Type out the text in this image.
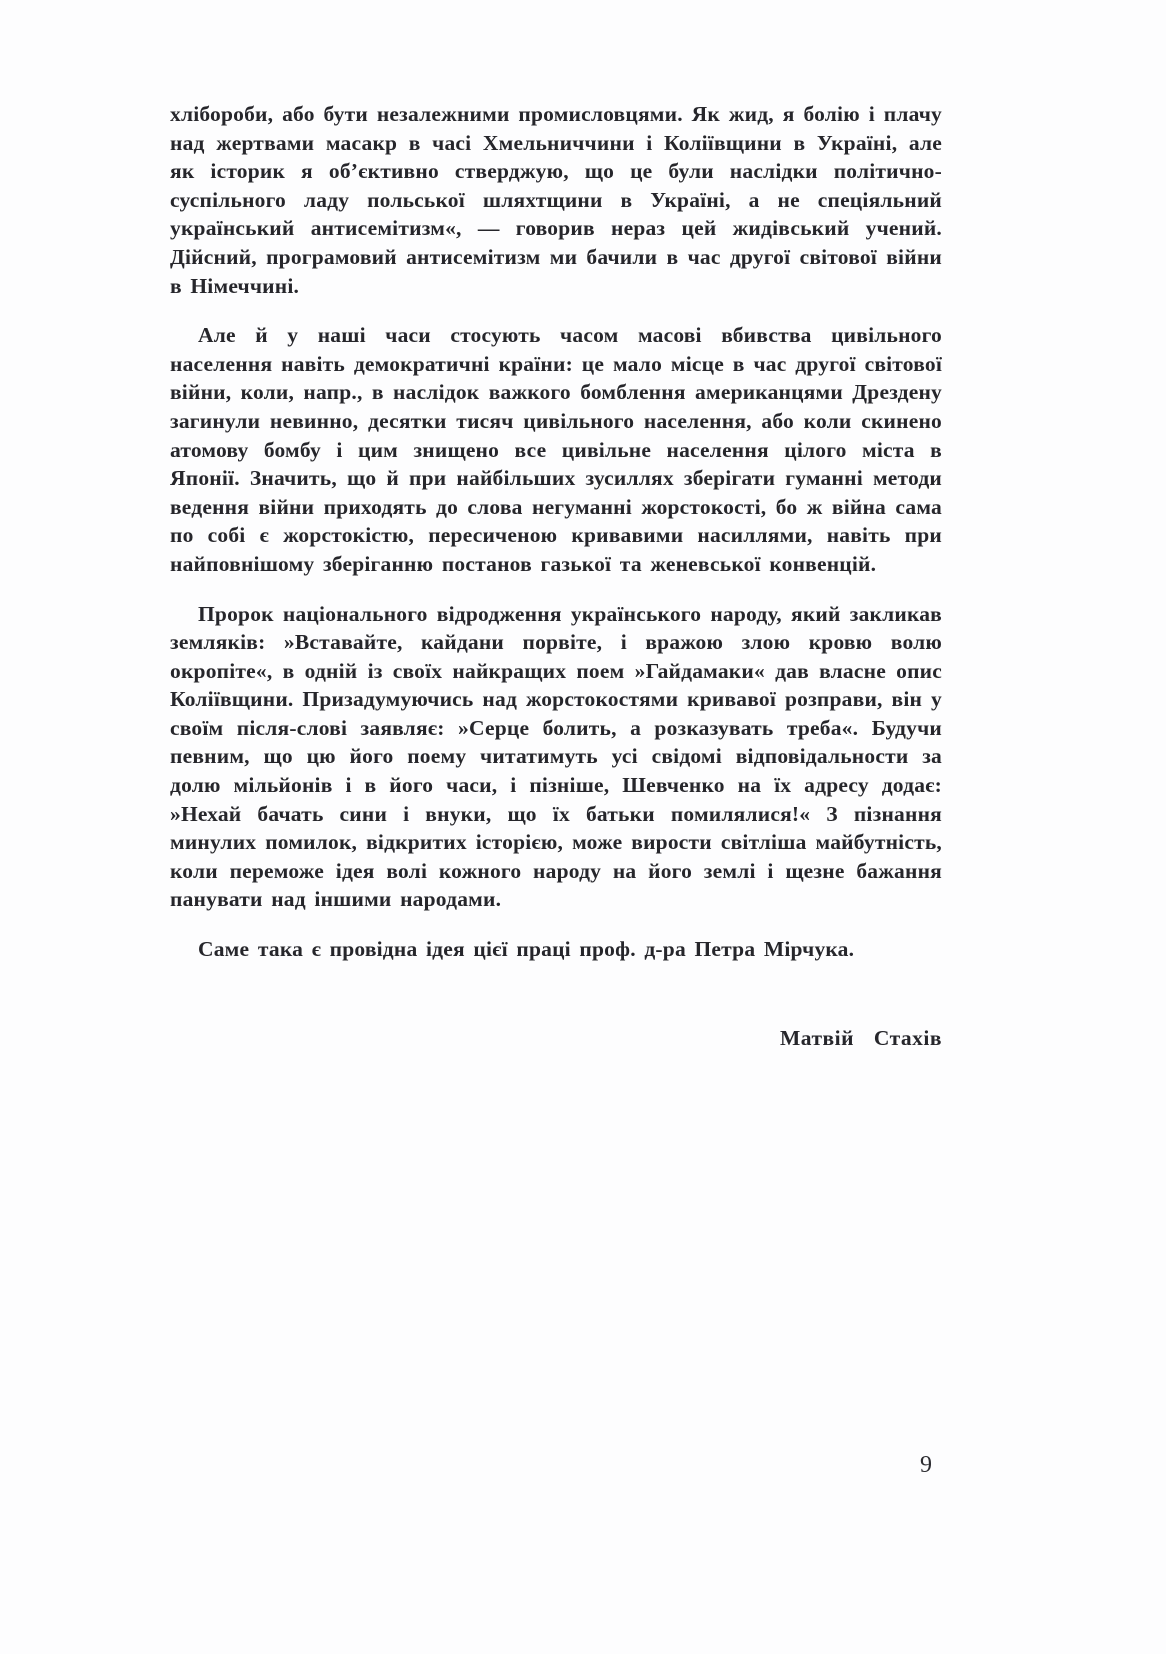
хлібороби, або бути незалежними промисловцями. Як жид, я болію і плачу над жертвами масакр в часі Хмельниччини і Коліївщини в Україні, але як історик я об’єктивно стверджую, що це були наслідки політично-суспільного ладу польської шляхтщини в Україні, а не спеціяльний український антисемітизм«, — говорив нераз цей жидівський учений. Дійсний, програмовий антисемітизм ми бачили в час другої світової війни в Німеччині.

Але й у наші часи стосують часом масові вбивства цивільного населення навіть демократичні країни: це мало місце в час другої світової війни, коли, напр., в наслідок важкого бомблення американцями Дрездену загинули невинно, десятки тисяч цивільного населення, або коли скинено атомову бомбу і цим знищено все цивільне населення цілого міста в Японії. Значить, що й при найбільших зусиллях зберігати гуманні методи ведення війни приходять до слова негуманні жорстокості, бо ж війна сама по собі є жорстокістю, пересиченою кривавими насиллями, навіть при найповнішому зберіганню постанов газької та женевської конвенцій.

Пророк національного відродження українського народу, який закликав земляків: »Вставайте, кайдани порвіте, і вражою злою кровю волю окропіте«, в одній із своїх найкращих поем »Гайдамаки« дав власне опис Коліївщини. Призадумуючись над жорстокостями кривавої розправи, він у своїм після-слові заявляє: »Серце болить, а розказувать треба«. Будучи певним, що цю його поему читатимуть усі свідомі відповідальности за долю мільйонів і в його часи, і пізніше, Шевченко на їх адресу додає: »Нехай бачать сини і внуки, що їх батьки помилялися!« З пізнання минулих помилок, відкритих історією, може вирости світліша майбутність, коли переможе ідея волі кожного народу на його землі і щезне бажання панувати над іншими народами.

Саме така є провідна ідея цієї праці проф. д-ра Петра Мірчука.

Матвій Стахів
9
